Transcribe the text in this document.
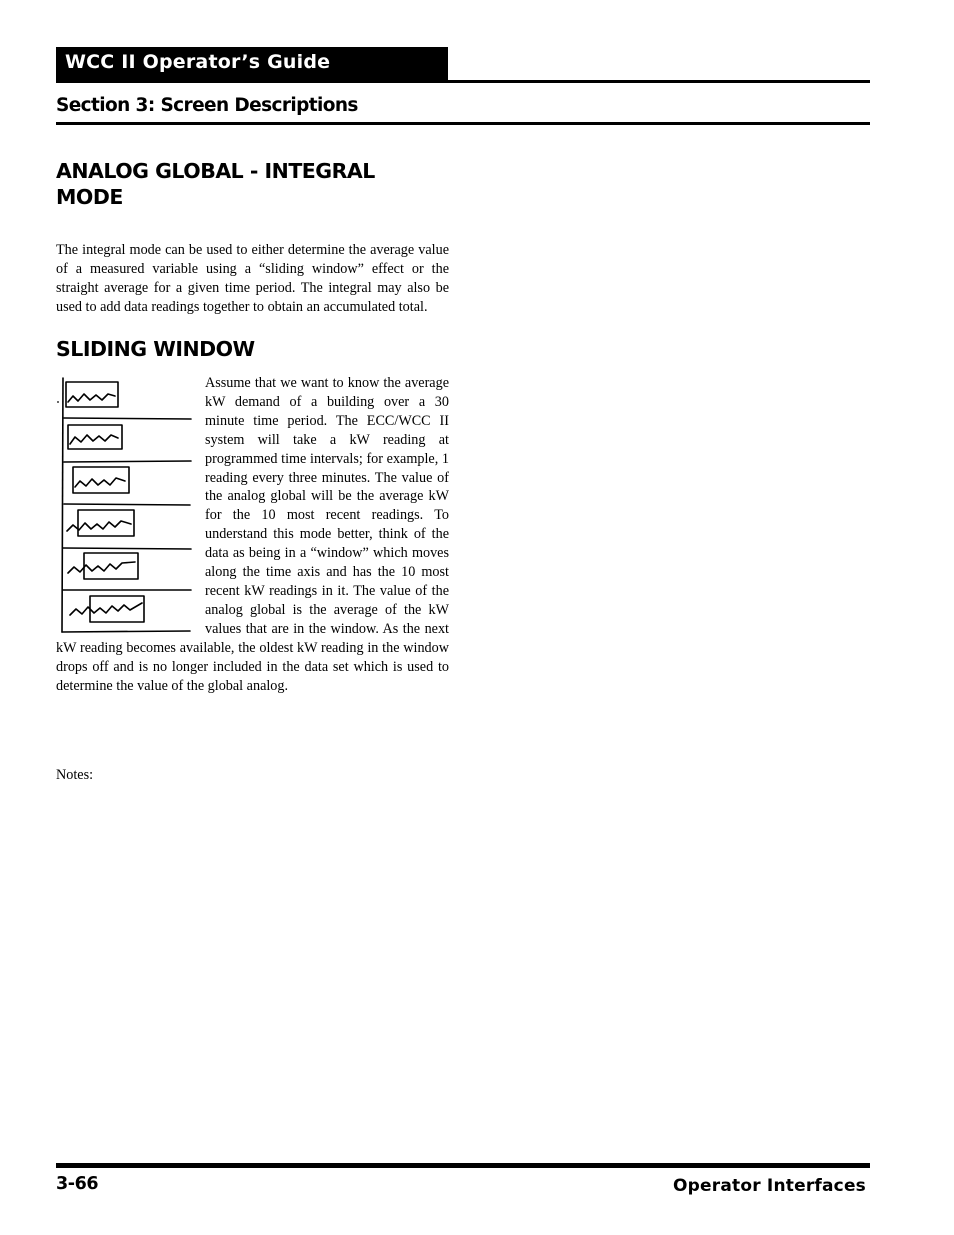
WCC II Operator’s Guide
Section 3: Screen Descriptions
ANALOG GLOBAL - INTEGRAL
MODE
The integral mode can be used to either determine the average value of a measured variable using a “sliding window” effect or the straight average for a given time period. The integral may also be used to add data readings together to obtain an accumulated total.
SLIDING WINDOW

Assume that we want to know the average kW demand of a building over a 30 minute time period. The ECC/WCC II system will take a kW reading at programmed time intervals; for example, 1 reading every three minutes. The value of the analog global will be the average kW for the 10 most recent readings. To understand this mode better, think of the data as being in a “window” which moves along the time axis and has the 10 most recent kW readings in it. The value of the analog global is the average of the kW values that are in the window. As the next kW reading becomes available, the oldest kW reading in the window drops off and is no longer included in the data set which is used to determine the value of the global analog.

Notes:
3-66	Operator Interfaces
